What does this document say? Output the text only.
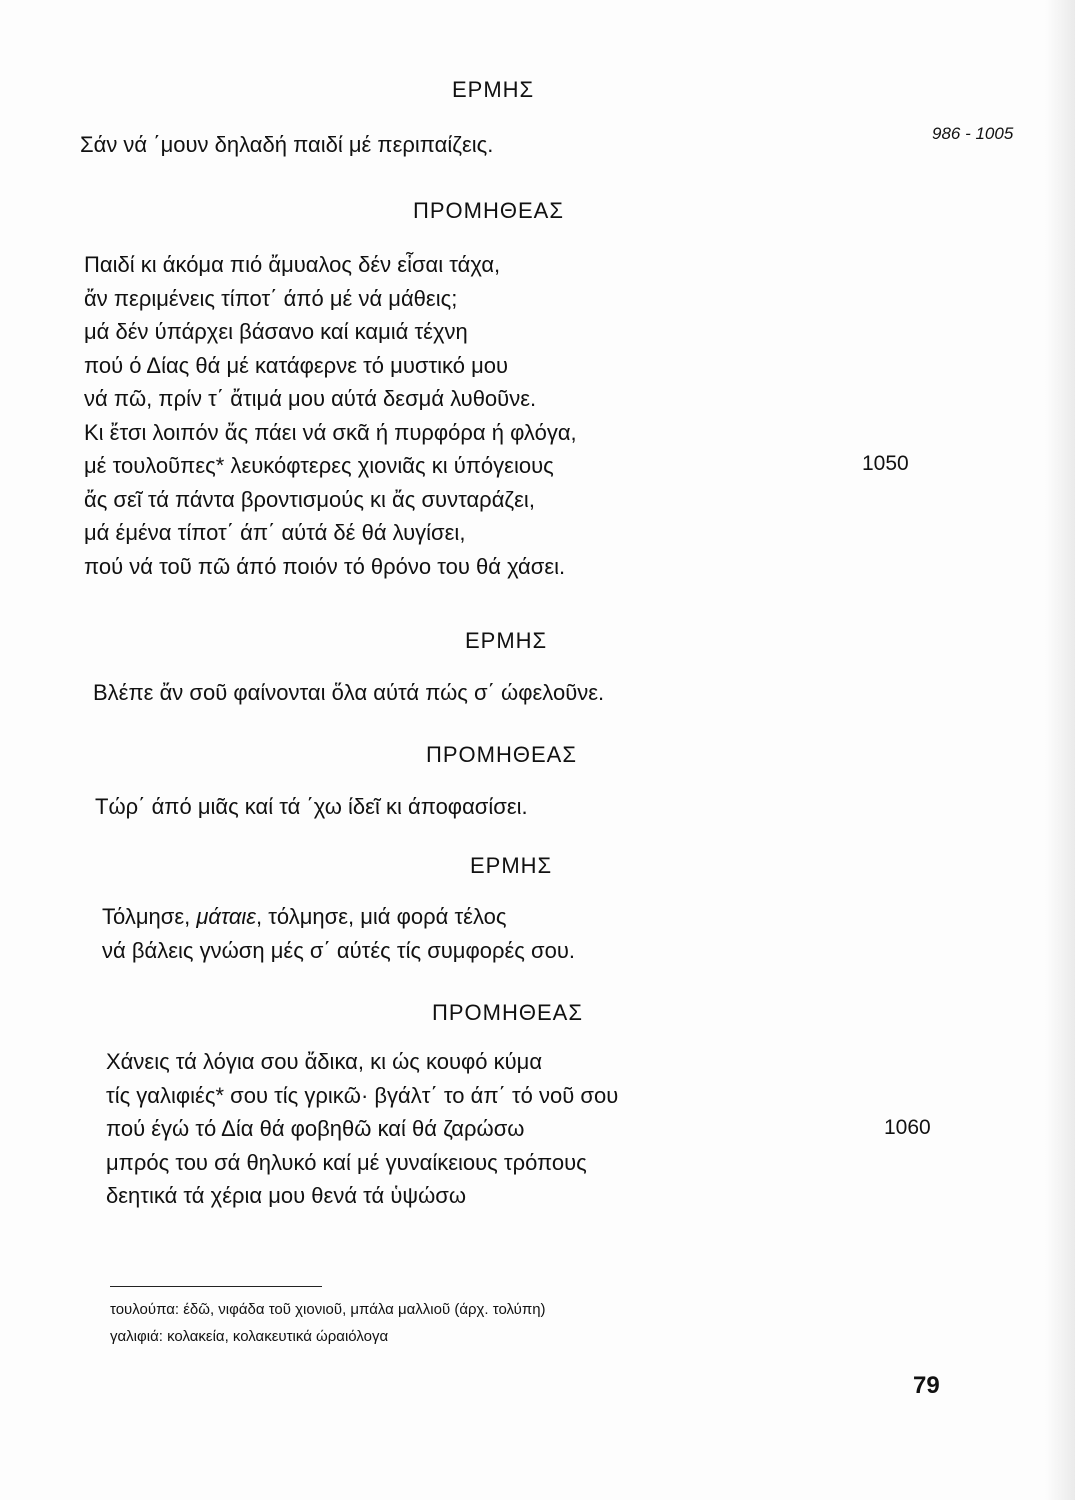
986 - 1005
ΕΡΜΗΣ
Σάν νά ΄μουν δηλαδή παιδί μέ περιπαίζεις.
ΠΡΟΜΗΘΕΑΣ
Παιδί κι άκόμα πιό ἄμυαλος δέν εἶσαι τάχα,
ἄν περιμένεις τίποτ΄ άπό μέ νά μάθεις;
μά δέν ύπάρχει βάσανο καί καμιά τέχνη
πού ό Δίας θά μέ κατάφερνε τό μυστικό μου
νά πῶ, πρίν τ΄ ἄτιμά μου αύτά δεσμά λυθοῦνε.
Κι ἔτσι λοιπόν ἄς πάει νά σκᾶ ή πυρφόρα ή φλόγα,
μέ τουλοῦπες* λευκόφτερες χιονιᾶς κι ύπόγειους
ἄς σεῖ τά πάντα βροντισμούς κι ἄς συνταράζει,
μά έμένα τίποτ΄ άπ΄ αύτά δέ θά λυγίσει,
πού νά τοῦ πῶ άπό ποιόν τό θρόνο του θά χάσει.
1050
ΕΡΜΗΣ
Βλέπε ἄν σοῦ φαίνονται ὅλα αύτά πώς σ΄ ώφελοῦνε.
ΠΡΟΜΗΘΕΑΣ
Τώρ΄ άπό μιᾶς καί τά ΄χω ίδεῖ κι άποφασίσει.
ΕΡΜΗΣ
Τόλμησε, μάταιε, τόλμησε, μιά φορά τέλος
νά βάλεις γνώση μές σ΄ αύτές τίς συμφορές σου.
ΠΡΟΜΗΘΕΑΣ
Χάνεις τά λόγια σου ἄδικα, κι ώς κουφό κύμα
τίς γαλιφιές* σου τίς γρικῶ· βγάλτ΄ το άπ΄ τό νοῦ σου
πού έγώ τό Δία θά φοβηθῶ καί θά ζαρώσω
μπρός του σά θηλυκό καί μέ γυναίκειους τρόπους
δεητικά τά χέρια μου θενά τά ὑψώσω
1060
τουλούπα: έδῶ, νιφάδα τοῦ χιονιοῦ, μπάλα μαλλιοῦ (άρχ. τολύπη)
γαλιφιά: κολακεία, κολακευτικά ώραιόλογα
79
